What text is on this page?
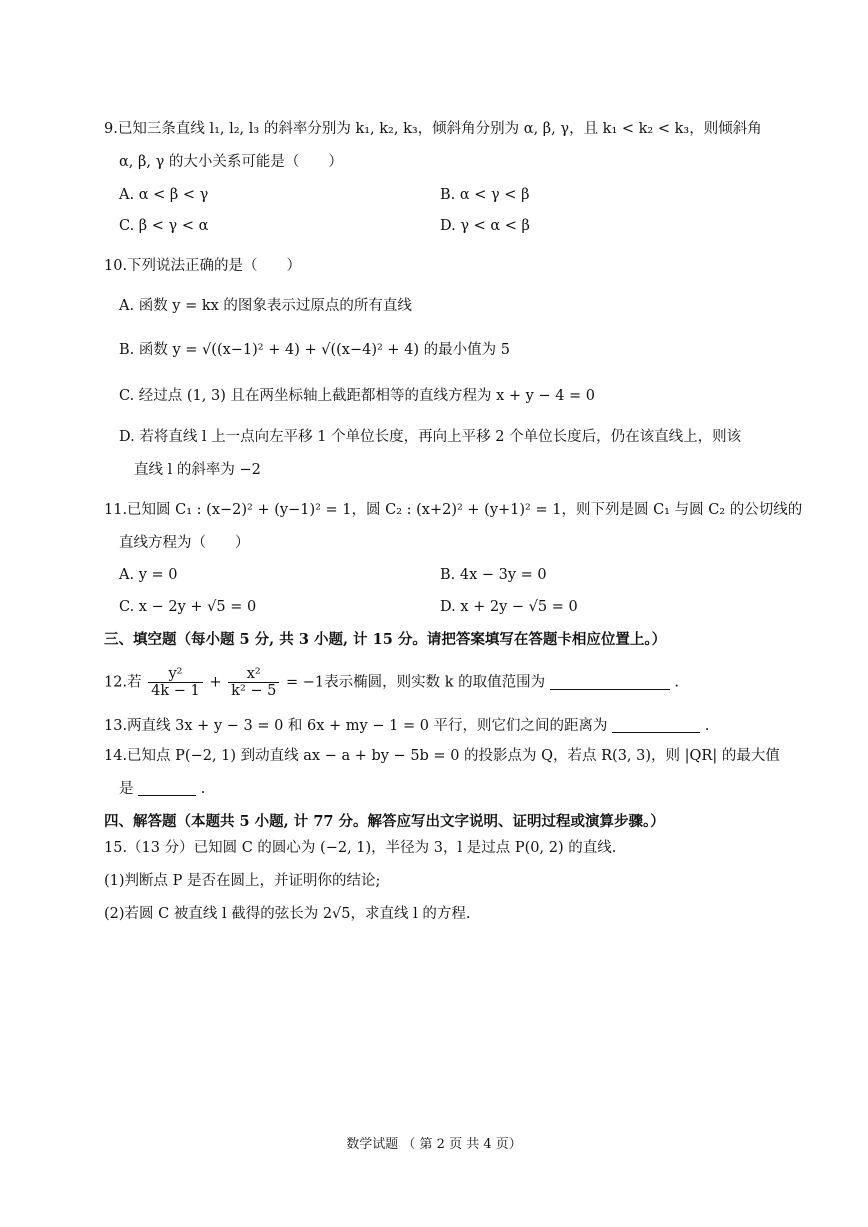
9.已知三条直线 l₁, l₂, l₃ 的斜率分别为 k₁, k₂, k₃，倾斜角分别为 α, β, γ，且 k₁ < k₂ < k₃，则倾斜角
α, β, γ 的大小关系可能是（　　）
A. α < β < γ	B. α < γ < β
C. β < γ < α	D. γ < α < β
10.下列说法正确的是（　　）
A. 函数 y = kx 的图象表示过原点的所有直线
B. 函数 y = √((x−1)² + 4) + √((x−4)² + 4) 的最小值为 5
C. 经过点 (1, 3) 且在两坐标轴上截距都相等的直线方程为 x + y − 4 = 0
D. 若将直线 l 上一点向左平移 1 个单位长度，再向上平移 2 个单位长度后，仍在该直线上，则该
直线 l 的斜率为 −2
11.已知圆 C₁ : (x−2)² + (y−1)² = 1，圆 C₂ : (x+2)² + (y+1)² = 1，则下列是圆 C₁ 与圆 C₂ 的公切线的
直线方程为（　　）
A. y = 0	B. 4x − 3y = 0
C. x − 2y + √5 = 0	D. x + 2y − √5 = 0
三、填空题（每小题 5 分, 共 3 小题, 计 15 分。请把答案填写在答题卡相应位置上。）
12.若 $\frac{\text{y²}}{4k - 1} + \frac{\text{x²}}{\text{k² − 5}} = -1$表示椭圆，则实数 k 的取值范围为	.
13.两直线 3x + y − 3 = 0 和 6x + my − 1 = 0 平行，则它们之间的距离为	.
14.已知点 P(−2, 1) 到动直线 ax − a + by − 5b = 0 的投影点为 Q，若点 R(3, 3)，则 |QR| 的最大值
是	.
四、解答题（本题共 5 小题, 计 77 分。解答应写出文字说明、证明过程或演算步骤。）
15.（13 分）已知圆 C 的圆心为 (−2, 1)，半径为 3，l 是过点 P(0, 2) 的直线.
(1)判断点 P 是否在圆上，并证明你的结论;
(2)若圆 C 被直线 l 截得的弦长为 2√5，求直线 l 的方程.
数学试题 （ 第 2 页 共 4 页）
